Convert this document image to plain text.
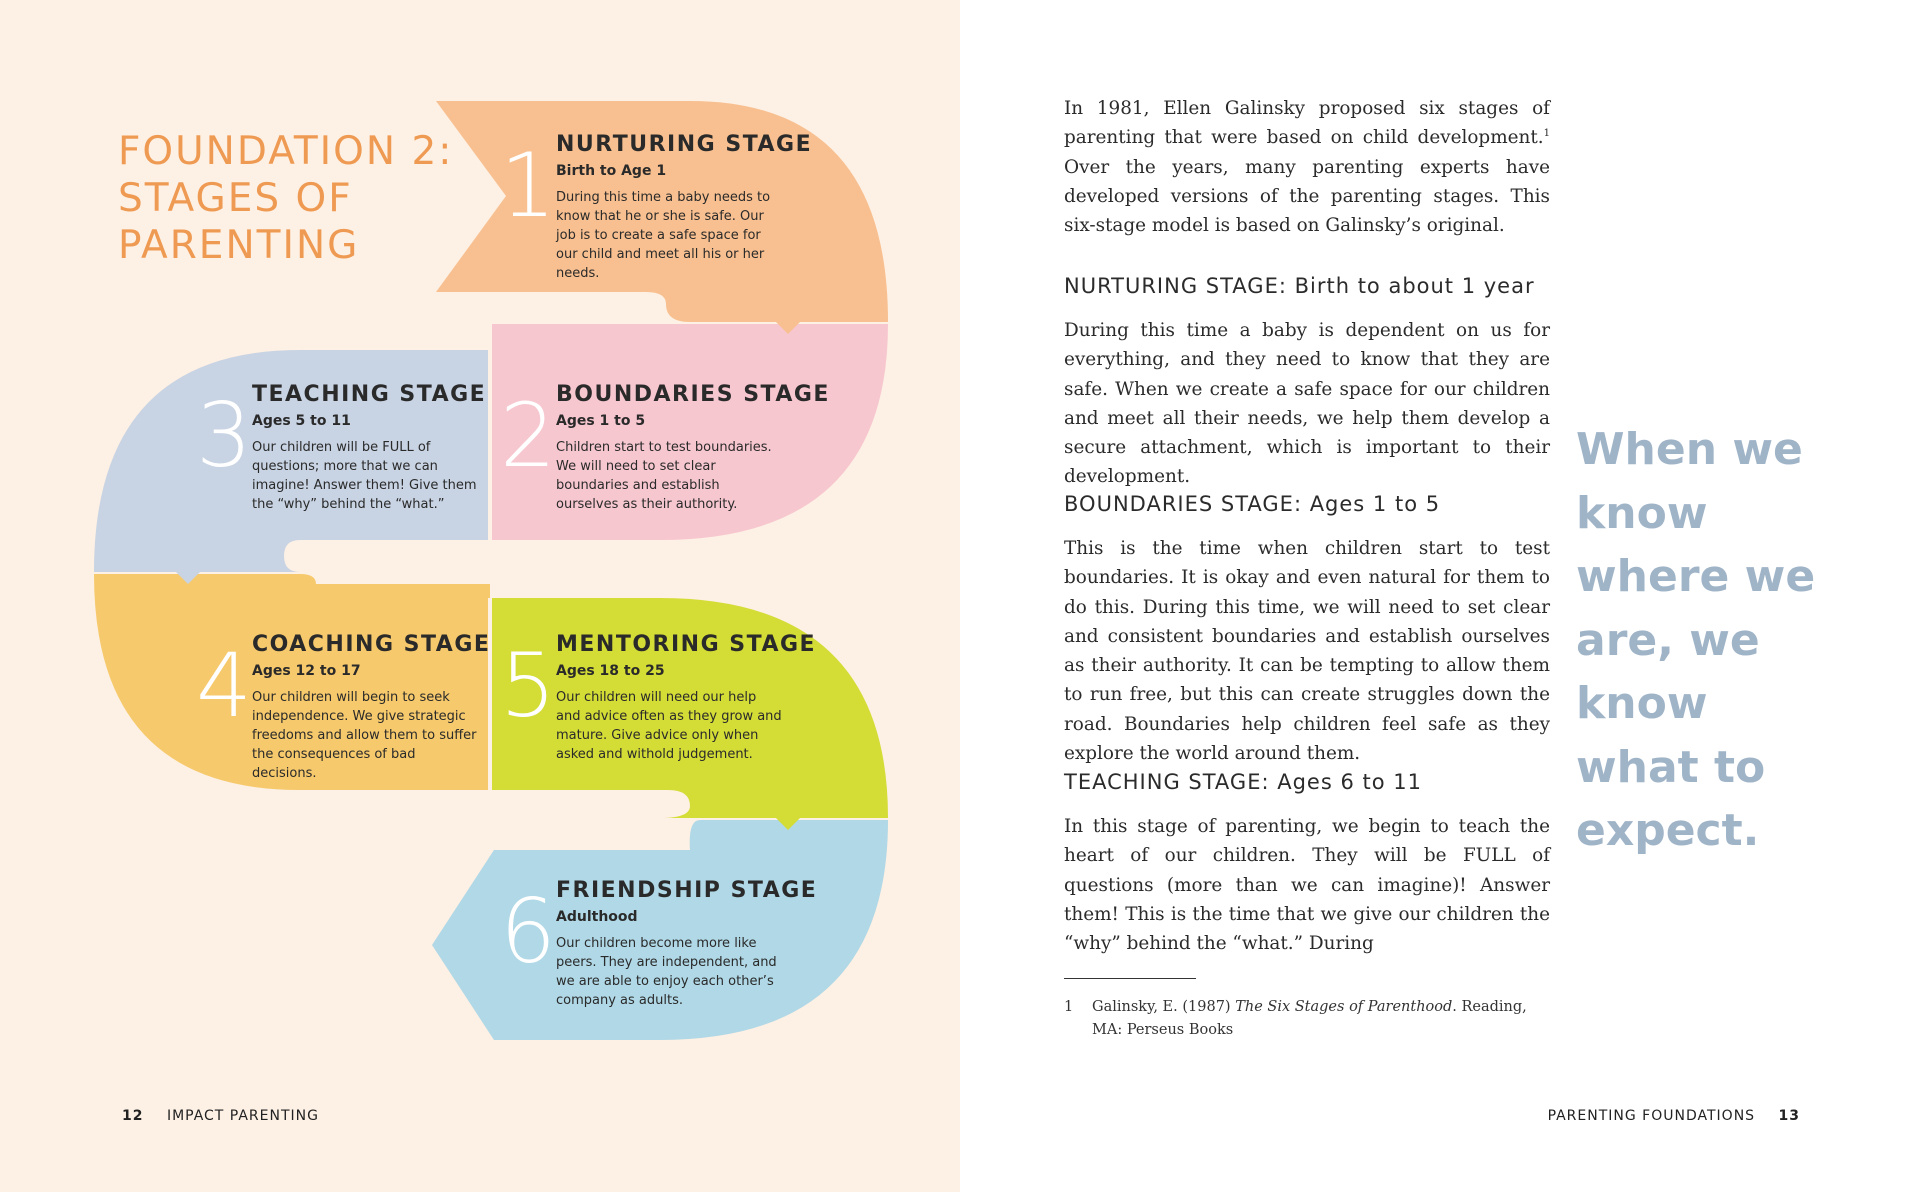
FOUNDATION 2:
STAGES OF
PARENTING
1 NURTURING STAGE
Birth to Age 1
During this time a baby needs to know that he or she is safe. Our job is to create a safe space for our child and meet all his or her needs.
2 BOUNDARIES STAGE
Ages 1 to 5
Children start to test boundaries. We will need to set clear boundaries and establish ourselves as their authority.
3 TEACHING STAGE
Ages 5 to 11
Our children will be FULL of questions; more that we can imagine! Answer them! Give them the “why” behind the “what.”
4 COACHING STAGE
Ages 12 to 17
Our children will begin to seek independence. We give strategic freedoms and allow them to suffer the consequences of bad decisions.
5 MENTORING STAGE
Ages 18 to 25
Our children will need our help and advice often as they grow and mature. Give advice only when asked and withold judgement.
6 FRIENDSHIP STAGE
Adulthood
Our children become more like peers. They are independent, and we are able to enjoy each other’s company as adults.
12 IMPACT PARENTING
In 1981, Ellen Galinsky proposed six stages of parenting that were based on child development.$^1$ Over the years, many parenting experts have developed versions of the parenting stages. This six-stage model is based on Galinsky’s original.
NURTURING STAGE: Birth to about 1 year
During this time a baby is dependent on us for everything, and they need to know that they are safe. When we create a safe space for our children and meet all their needs, we help them develop a secure attachment, which is important to their development.
BOUNDARIES STAGE: Ages 1 to 5
This is the time when children start to test boundaries. It is okay and even natural for them to do this. During this time, we will need to set clear and consistent boundaries and establish ourselves as their authority. It can be tempting to allow them to run free, but this can create struggles down the road. Boundaries help children feel safe as they explore the world around them.
TEACHING STAGE: Ages 6 to 11
In this stage of parenting, we begin to teach the heart of our children. They will be FULL of questions (more than we can imagine)! Answer them! This is the time that we give our children the “why” behind the “what.” During
When we know where we are, we know what to expect.
1 Galinsky, E. (1987) The Six Stages of Parenthood. Reading, MA: Perseus Books
PARENTING FOUNDATIONS 13
